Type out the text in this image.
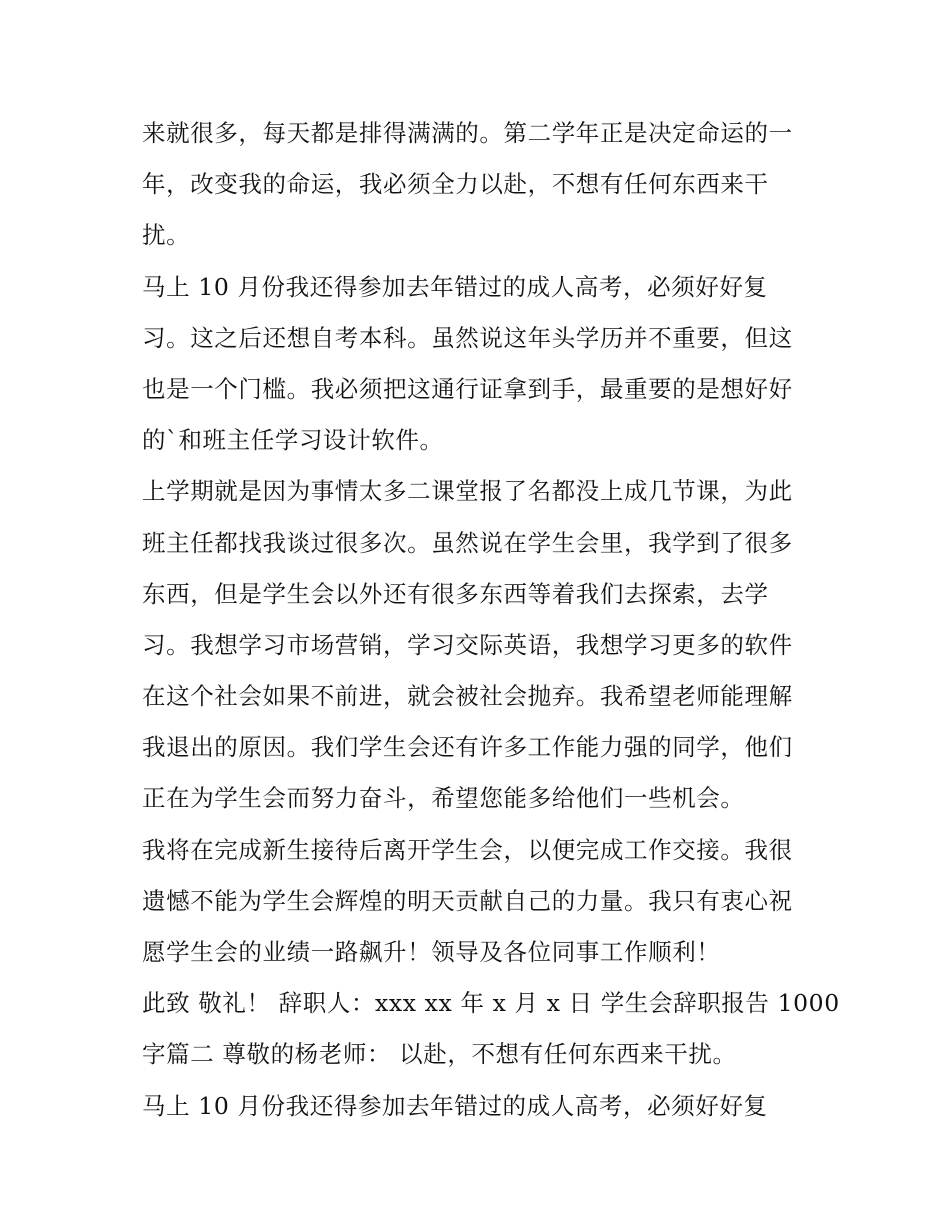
来就很多，每天都是排得满满的。第二学年正是决定命运的一
年，改变我的命运，我必须全力以赴，不想有任何东西来干
扰。
马上 10 月份我还得参加去年错过的成人高考，必须好好复
习。这之后还想自考本科。虽然说这年头学历并不重要，但这
也是一个门槛。我必须把这通行证拿到手，最重要的是想好好
的`和班主任学习设计软件。
上学期就是因为事情太多二课堂报了名都没上成几节课，为此
班主任都找我谈过很多次。虽然说在学生会里，我学到了很多
东西，但是学生会以外还有很多东西等着我们去探索，去学
习。我想学习市场营销，学习交际英语，我想学习更多的软件
在这个社会如果不前进，就会被社会抛弃。我希望老师能理解
我退出的原因。我们学生会还有许多工作能力强的同学，他们
正在为学生会而努力奋斗，希望您能多给他们一些机会。
我将在完成新生接待后离开学生会，以便完成工作交接。我很
遗憾不能为学生会辉煌的明天贡献自己的力量。我只有衷心祝
愿学生会的业绩一路飙升！领导及各位同事工作顺利！
此致 敬礼！ 辞职人：xxx xx 年 x 月 x 日 学生会辞职报告 1000
字篇二 尊敬的杨老师： 以赴，不想有任何东西来干扰。
马上 10 月份我还得参加去年错过的成人高考，必须好好复
